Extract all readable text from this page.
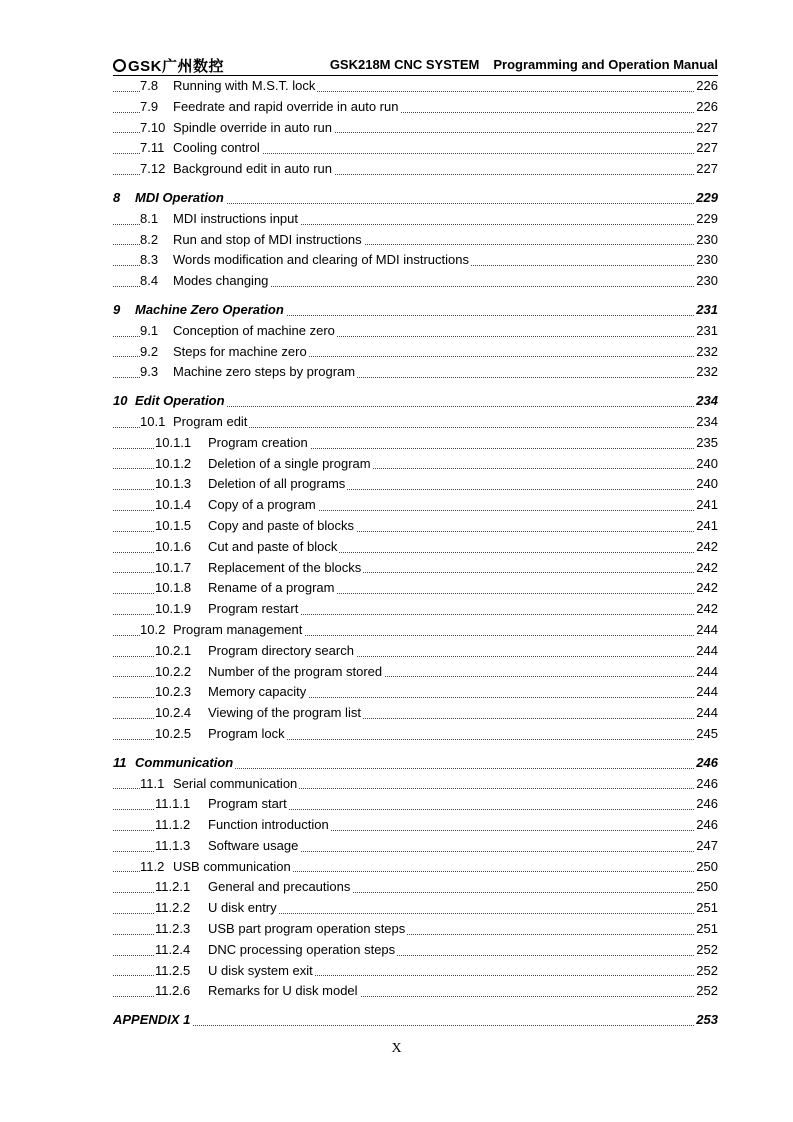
GSK广州数控	GSK218M CNC SYSTEM Programming and Operation Manual
7.8 Running with M.S.T. lock	226
7.9 Feedrate and rapid override in auto run	226
7.10 Spindle override in auto run	227
7.11 Cooling control	227
7.12 Background edit in auto run	227
8 MDI Operation	229
8.1 MDI instructions input	229
8.2 Run and stop of MDI instructions	230
8.3 Words modification and clearing of MDI instructions	230
8.4 Modes changing	230
9 Machine Zero Operation	231
9.1 Conception of machine zero	231
9.2 Steps for machine zero	232
9.3 Machine zero steps by program	232
10 Edit Operation	234
10.1 Program edit	234
10.1.1 Program creation	235
10.1.2 Deletion of a single program	240
10.1.3 Deletion of all programs	240
10.1.4 Copy of a program	241
10.1.5 Copy and paste of blocks	241
10.1.6 Cut and paste of block	242
10.1.7 Replacement of the blocks	242
10.1.8 Rename of a program	242
10.1.9 Program restart	242
10.2 Program management	244
10.2.1 Program directory search	244
10.2.2 Number of the program stored	244
10.2.3 Memory capacity	244
10.2.4 Viewing of the program list	244
10.2.5 Program lock	245
11 Communication	246
11.1 Serial communication	246
11.1.1 Program start	246
11.1.2 Function introduction	246
11.1.3 Software usage	247
11.2 USB communication	250
11.2.1 General and precautions	250
11.2.2 U disk entry	251
11.2.3 USB part program operation steps	251
11.2.4 DNC processing operation steps	252
11.2.5 U disk system exit	252
11.2.6 Remarks for U disk model	252
APPENDIX 1	253
X
